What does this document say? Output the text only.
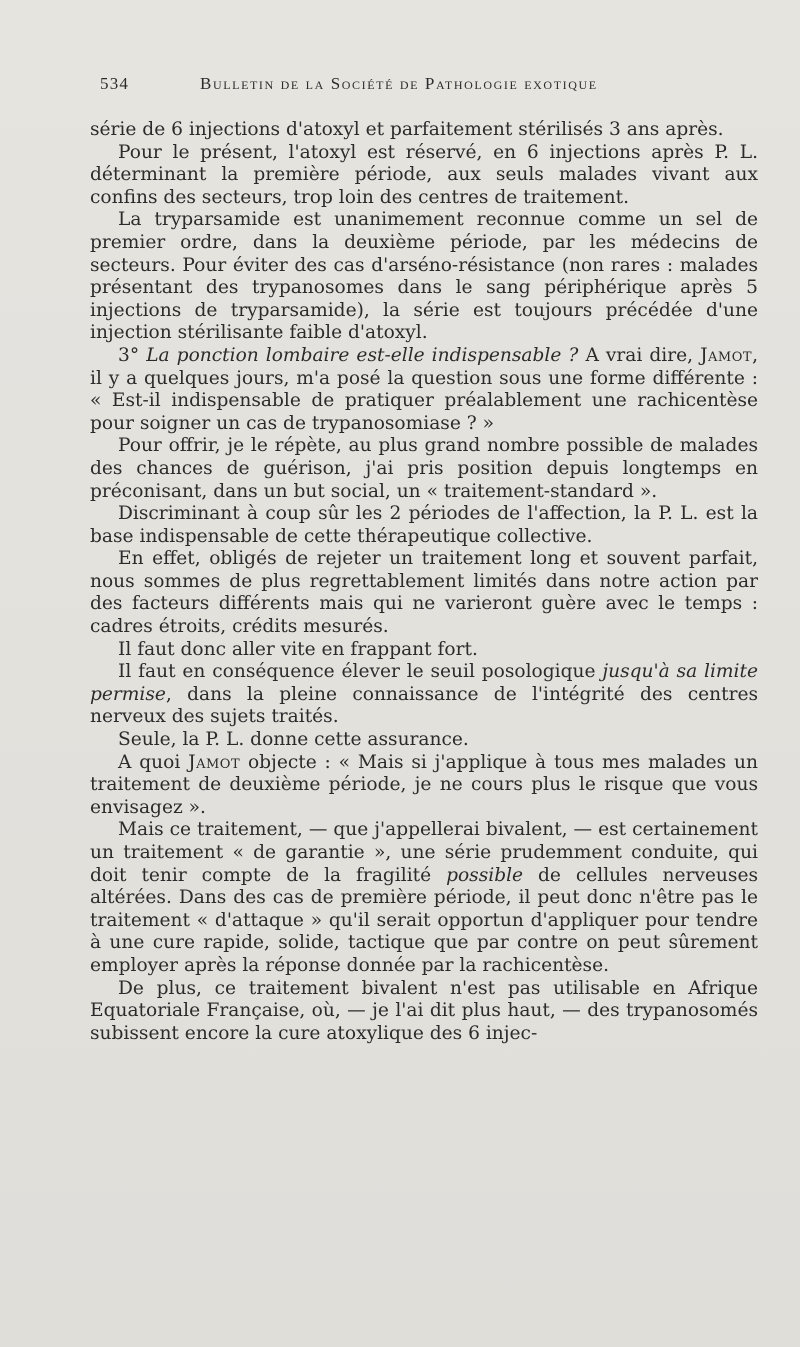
534	Bulletin de la Société de Pathologie exotique

série de 6 injections d'atoxyl et parfaitement stérilisés 3 ans après.

Pour le présent, l'atoxyl est réservé, en 6 injections après P. L. déterminant la première période, aux seuls malades vivant aux confins des secteurs, trop loin des centres de traitement.

La tryparsamide est unanimement reconnue comme un sel de premier ordre, dans la deuxième période, par les médecins de secteurs. Pour éviter des cas d'arséno-résistance (non rares : malades présentant des trypanosomes dans le sang périphérique après 5 injections de tryparsamide), la série est toujours précédée d'une injection stérilisante faible d'atoxyl.

3° La ponction lombaire est-elle indispensable ? A vrai dire, Jamot, il y a quelques jours, m'a posé la question sous une forme différente : « Est-il indispensable de pratiquer préalablement une rachicentèse pour soigner un cas de trypanosomiase ? »

Pour offrir, je le répète, au plus grand nombre possible de malades des chances de guérison, j'ai pris position depuis longtemps en préconisant, dans un but social, un « traitement-standard ».

Discriminant à coup sûr les 2 périodes de l'affection, la P. L. est la base indispensable de cette thérapeutique collective.

En effet, obligés de rejeter un traitement long et souvent parfait, nous sommes de plus regrettablement limités dans notre action par des facteurs différents mais qui ne varieront guère avec le temps : cadres étroits, crédits mesurés.

Il faut donc aller vite en frappant fort.

Il faut en conséquence élever le seuil posologique jusqu'à sa limite permise, dans la pleine connaissance de l'intégrité des centres nerveux des sujets traités.

Seule, la P. L. donne cette assurance.

A quoi Jamot objecte : « Mais si j'applique à tous mes malades un traitement de deuxième période, je ne cours plus le risque que vous envisagez ».

Mais ce traitement, — que j'appellerai bivalent, — est certainement un traitement « de garantie », une série prudemment conduite, qui doit tenir compte de la fragilité possible de cellules nerveuses altérées. Dans des cas de première période, il peut donc n'être pas le traitement « d'attaque » qu'il serait opportun d'appliquer pour tendre à une cure rapide, solide, tactique que par contre on peut sûrement employer après la réponse donnée par la rachicentèse.

De plus, ce traitement bivalent n'est pas utilisable en Afrique Equatoriale Française, où, — je l'ai dit plus haut, — des trypanosomés subissent encore la cure atoxylique des 6 injec-
